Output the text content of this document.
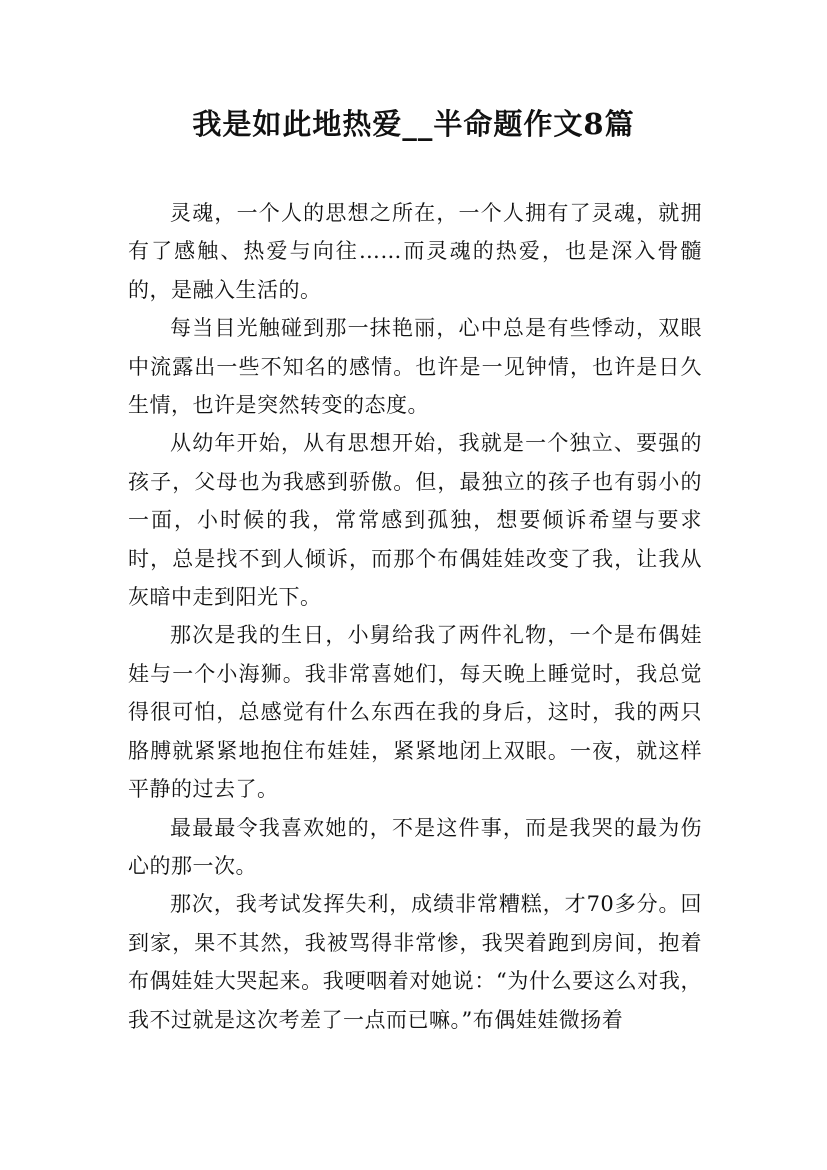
我是如此地热爱__半命题作文8篇

灵魂，一个人的思想之所在，一个人拥有了灵魂，就拥有了感触、热爱与向往……而灵魂的热爱，也是深入骨髓的，是融入生活的。

每当目光触碰到那一抹艳丽，心中总是有些悸动，双眼中流露出一些不知名的感情。也许是一见钟情，也许是日久生情，也许是突然转变的态度。

从幼年开始，从有思想开始，我就是一个独立、要强的孩子，父母也为我感到骄傲。但，最独立的孩子也有弱小的一面，小时候的我，常常感到孤独，想要倾诉希望与要求时，总是找不到人倾诉，而那个布偶娃娃改变了我，让我从灰暗中走到阳光下。

那次是我的生日，小舅给我了两件礼物，一个是布偶娃娃与一个小海狮。我非常喜她们，每天晚上睡觉时，我总觉得很可怕，总感觉有什么东西在我的身后，这时，我的两只胳膊就紧紧地抱住布娃娃，紧紧地闭上双眼。一夜，就这样平静的过去了。

最最最令我喜欢她的，不是这件事，而是我哭的最为伤心的那一次。

那次，我考试发挥失利，成绩非常糟糕，才70多分。回到家，果不其然，我被骂得非常惨，我哭着跑到房间，抱着布偶娃娃大哭起来。我哽咽着对她说：“为什么要这么对我，我不过就是这次考差了一点而已嘛。”布偶娃娃微扬着
